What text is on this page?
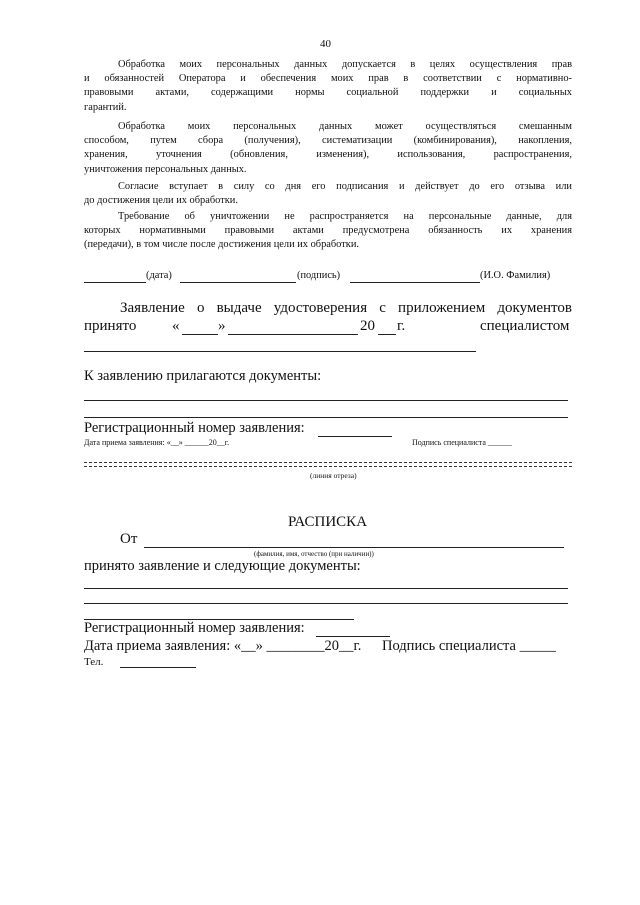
40
Обработка моих персональных данных допускается в целях осуществления прав
и обязанностей Оператора и обеспечения моих прав в соответствии с нормативно-
правовыми актами, содержащими нормы социальной поддержки и социальных
гарантий.
Обработка моих персональных данных может осуществляться смешанным
способом, путем сбора (получения), систематизации (комбинирования), накопления,
хранения, уточнения (обновления, изменения), использования, распространения,
уничтожения персональных данных.
Согласие вступает в силу со дня его подписания и действует до его отзыва или
до достижения цели их обработки.
Требование об уничтожении не распространяется на персональные данные, для
которых нормативными правовыми актами предусмотрена обязанность их хранения
(передачи), в том числе после достижения цели их обработки.
(дата)	(подпись)	(И.О. Фамилия)
Заявление о выдаче удостоверения с приложением документов
принято «	»	20 г.	специалистом
К заявлению прилагаются документы:
Регистрационный номер заявления:
Дата приема заявления: «__» ______20__г.	Подпись специалиста ______
(линия отреза)
РАСПИСКА
От
(фамилия, имя, отчество (при наличии))
принято заявление и следующие документы:
Регистрационный номер заявления:
Дата приема заявления: «__» ________20__г. Подпись специалиста _____
Тел.
